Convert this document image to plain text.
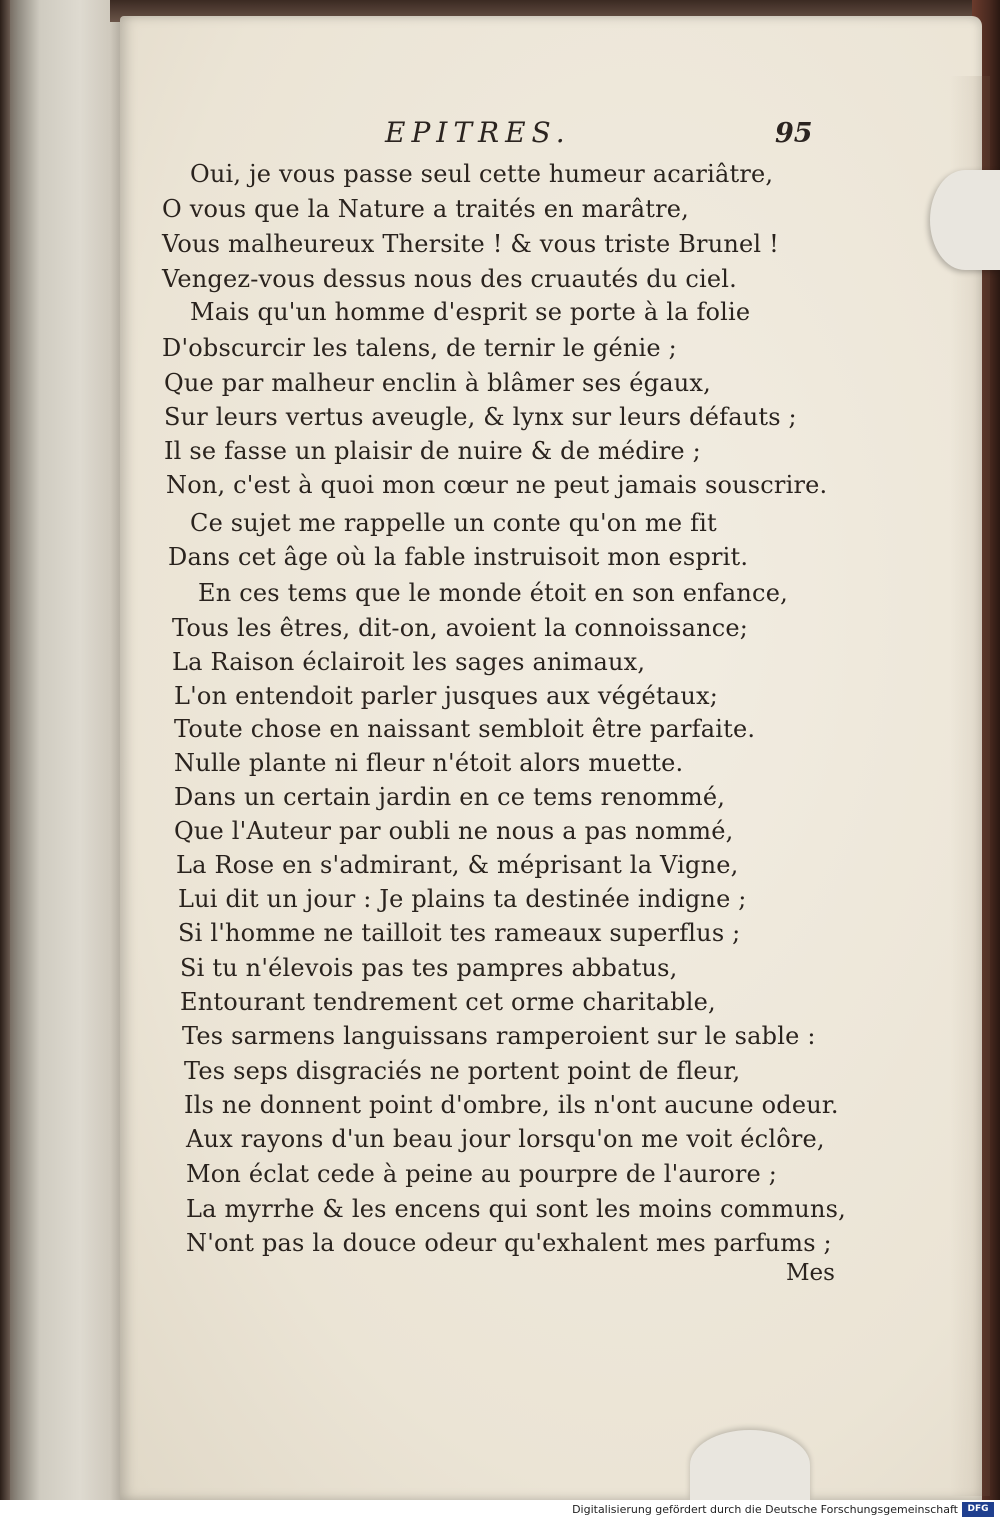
EPITRES.	95
Oui, je vous passe seul cette humeur acariâtre,
O vous que la Nature a traités en marâtre,
Vous malheureux Thersite ! & vous triste Brunel !
Vengez-vous dessus nous des cruautés du ciel.
Mais qu'un homme d'esprit se porte à la folie
D'obscurcir les talens, de ternir le génie ;
Que par malheur enclin à blâmer ses égaux,
Sur leurs vertus aveugle, & lynx sur leurs défauts ;
Il se fasse un plaisir de nuire & de médire ;
Non, c'est à quoi mon cœur ne peut jamais souscrire.
Ce sujet me rappelle un conte qu'on me fit
Dans cet âge où la fable instruisoit mon esprit.
En ces tems que le monde étoit en son enfance,
Tous les êtres, dit-on, avoient la connoissance;
La Raison éclairoit les sages animaux,
L'on entendoit parler jusques aux végétaux;
Toute chose en naissant sembloit être parfaite.
Nulle plante ni fleur n'étoit alors muette.
Dans un certain jardin en ce tems renommé,
Que l'Auteur par oubli ne nous a pas nommé,
La Rose en s'admirant, & méprisant la Vigne,
Lui dit un jour : Je plains ta destinée indigne ;
Si l'homme ne tailloit tes rameaux superflus ;
Si tu n'élevois pas tes pampres abbatus,
Entourant tendrement cet orme charitable,
Tes sarmens languissans ramperoient sur le sable :
Tes seps disgraciés ne portent point de fleur,
Ils ne donnent point d'ombre, ils n'ont aucune odeur.
Aux rayons d'un beau jour lorsqu'on me voit éclôre,
Mon éclat cede à peine au pourpre de l'aurore ;
La myrrhe & les encens qui sont les moins communs,
N'ont pas la douce odeur qu'exhalent mes parfums ;
Mes
Digitalisierung gefördert durch die Deutsche Forschungsgemeinschaft	DFG
